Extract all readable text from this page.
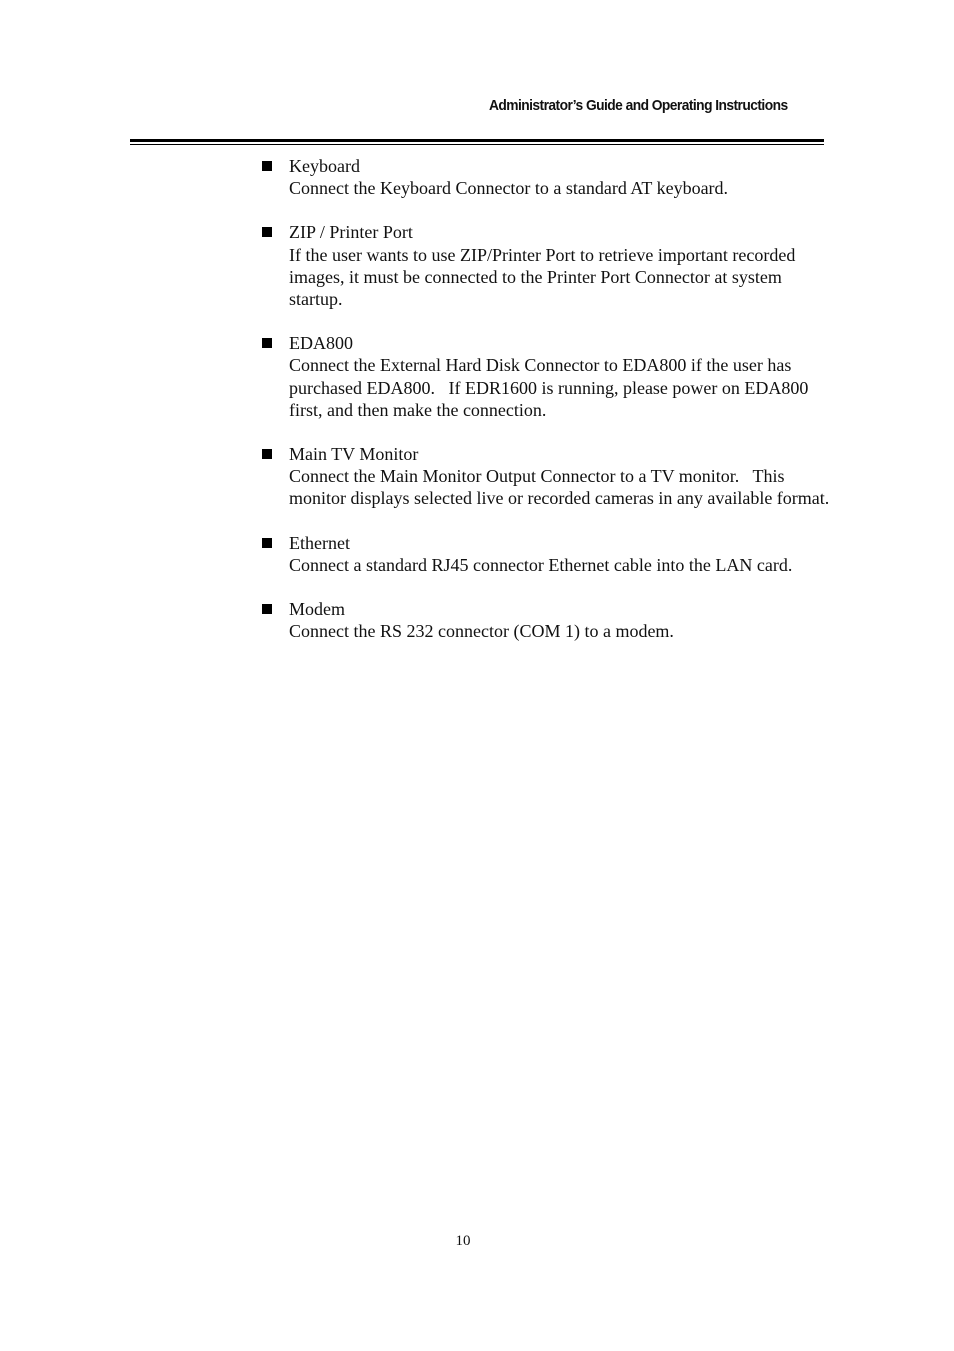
Administrator’s Guide and Operating Instructions
Keyboard
Connect the Keyboard Connector to a standard AT keyboard.
ZIP / Printer Port
If the user wants to use ZIP/Printer Port to retrieve important recorded images, it must be connected to the Printer Port Connector at system startup.
EDA800
Connect the External Hard Disk Connector to EDA800 if the user has purchased EDA800.   If EDR1600 is running, please power on EDA800 first, and then make the connection.
Main TV Monitor
Connect the Main Monitor Output Connector to a TV monitor.   This monitor displays selected live or recorded cameras in any available format.
Ethernet
Connect a standard RJ45 connector Ethernet cable into the LAN card.
Modem
Connect the RS 232 connector (COM 1) to a modem.
10
